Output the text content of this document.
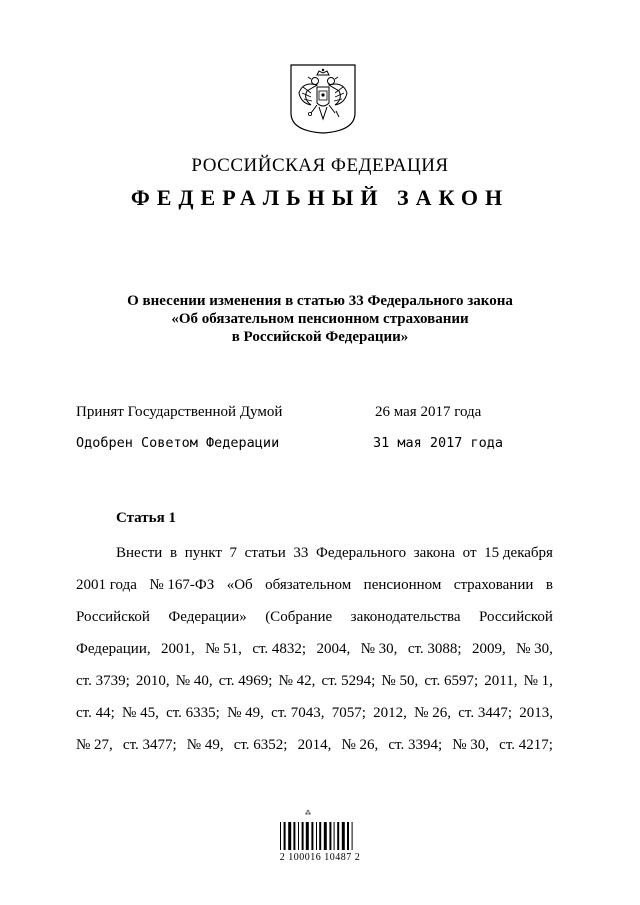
РОССИЙСКАЯ ФЕДЕРАЦИЯ
ФЕДЕРАЛЬНЫЙ ЗАКОН
О внесении изменения в статью 33 Федерального закона
«Об обязательном пенсионном страховании
в Российской Федерации»
Принят Государственной Думой	26 мая 2017 года
Одобрен Советом Федерации	31 мая 2017 года
Статья 1
Внести в пункт 7 статьи 33 Федерального закона от 15 декабря
2001 года № 167-ФЗ «Об обязательном пенсионном страховании в
Российской Федерации» (Собрание законодательства Российской
Федерации, 2001, № 51, ст. 4832; 2004, № 30, ст. 3088; 2009, № 30,
ст. 3739; 2010, № 40, ст. 4969; № 42, ст. 5294; № 50, ст. 6597; 2011, № 1,
ст. 44; № 45, ст. 6335; № 49, ст. 7043, 7057; 2012, № 26, ст. 3447; 2013,
№ 27, ст. 3477; № 49, ст. 6352; 2014, № 26, ст. 3394; № 30, ст. 4217;
⁂
2 100016 10487 2
